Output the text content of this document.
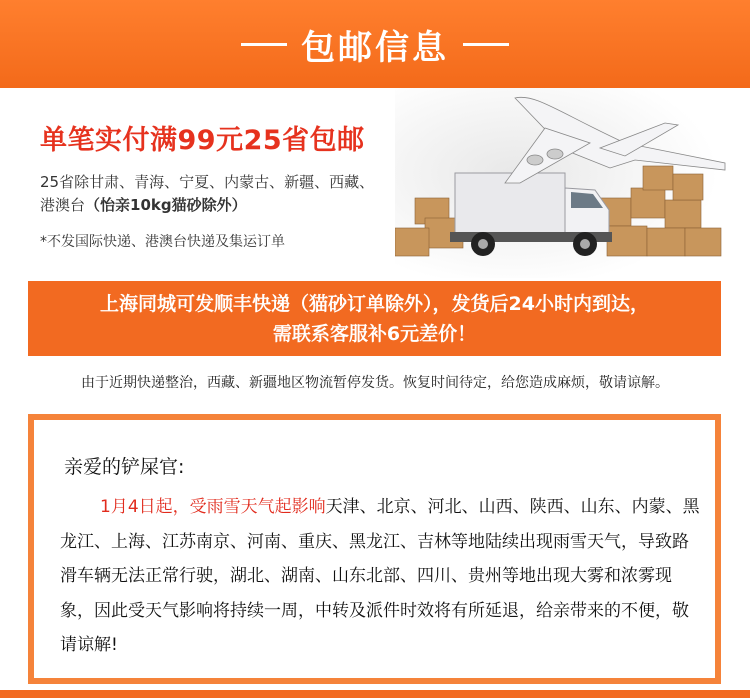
包邮信息
单笔实付满99元25省包邮
25省除甘肃、青海、宁夏、内蒙古、新疆、西藏、
港澳台（怡亲10kg猫砂除外）
*不发国际快递、港澳台快递及集运订单
上海同城可发顺丰快递（猫砂订单除外），发货后24小时内到达，
需联系客服补6元差价！
由于近期快递整治，西藏、新疆地区物流暂停发货。恢复时间待定，给您造成麻烦，敬请谅解。
亲爱的铲屎官:
1月4日起，受雨雪天气起影响天津、北京、河北、山西、陕西、山东、内蒙、黑龙江、上海、江苏南京、河南、重庆、黑龙江、吉林等地陆续出现雨雪天气，导致路滑车辆无法正常行驶，湖北、湖南、山东北部、四川、贵州等地出现大雾和浓雾现象，因此受天气影响将持续一周，中转及派件时效将有所延退，给亲带来的不便，敬请谅解!
